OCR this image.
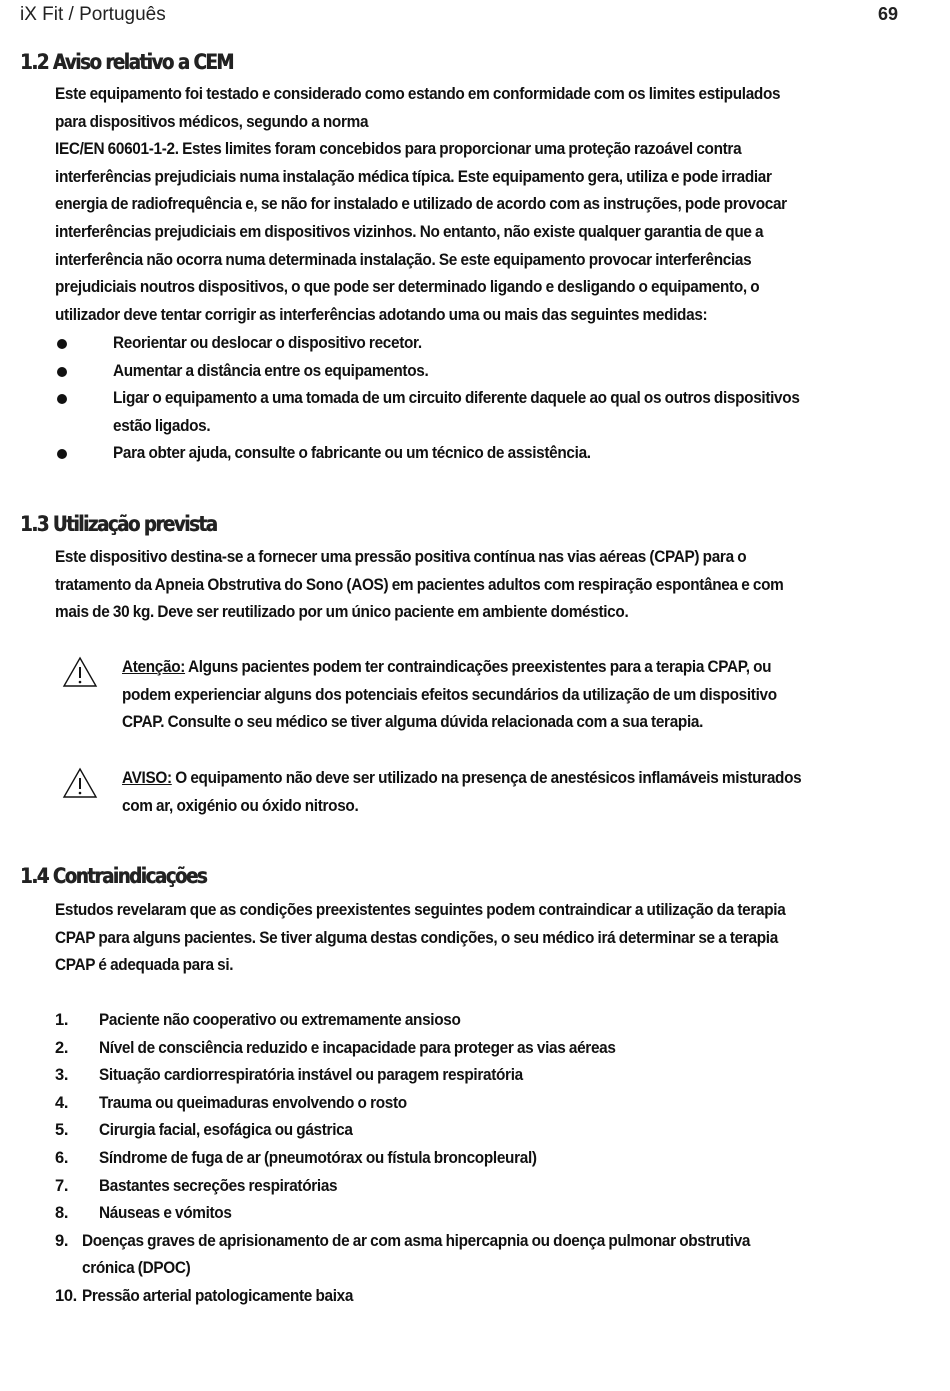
iX Fit / Português	69
1.2 Aviso relativo a CEM
Este equipamento foi testado e considerado como estando em conformidade com os limites estipulados
para dispositivos médicos, segundo a norma
IEC/EN 60601-1-2. Estes limites foram concebidos para proporcionar uma proteção razoável contra
interferências prejudiciais numa instalação médica típica. Este equipamento gera, utiliza e pode irradiar
energia de radiofrequência e, se não for instalado e utilizado de acordo com as instruções, pode provocar
interferências prejudiciais em dispositivos vizinhos. No entanto, não existe qualquer garantia de que a
interferência não ocorra numa determinada instalação. Se este equipamento provocar interferências
prejudiciais noutros dispositivos, o que pode ser determinado ligando e desligando o equipamento, o
utilizador deve tentar corrigir as interferências adotando uma ou mais das seguintes medidas:
Reorientar ou deslocar o dispositivo recetor.
Aumentar a distância entre os equipamentos.
Ligar o equipamento a uma tomada de um circuito diferente daquele ao qual os outros dispositivos
estão ligados.
Para obter ajuda, consulte o fabricante ou um técnico de assistência.
1.3 Utilização prevista
Este dispositivo destina-se a fornecer uma pressão positiva contínua nas vias aéreas (CPAP) para o
tratamento da Apneia Obstrutiva do Sono (AOS) em pacientes adultos com respiração espontânea e com
mais de 30 kg. Deve ser reutilizado por um único paciente em ambiente doméstico.
Atenção: Alguns pacientes podem ter contraindicações preexistentes para a terapia CPAP, ou
podem experienciar alguns dos potenciais efeitos secundários da utilização de um dispositivo
CPAP. Consulte o seu médico se tiver alguma dúvida relacionada com a sua terapia.
AVISO: O equipamento não deve ser utilizado na presença de anestésicos inflamáveis misturados
com ar, oxigénio ou óxido nitroso.
1.4 Contraindicações
Estudos revelaram que as condições preexistentes seguintes podem contraindicar a utilização da terapia
CPAP para alguns pacientes. Se tiver alguma destas condições, o seu médico irá determinar se a terapia
CPAP é adequada para si.
1. Paciente não cooperativo ou extremamente ansioso
2. Nível de consciência reduzido e incapacidade para proteger as vias aéreas
3. Situação cardiorrespiratória instável ou paragem respiratória
4. Trauma ou queimaduras envolvendo o rosto
5. Cirurgia facial, esofágica ou gástrica
6. Síndrome de fuga de ar (pneumotórax ou fístula broncopleural)
7. Bastantes secreções respiratórias
8. Náuseas e vómitos
9. Doenças graves de aprisionamento de ar com asma hipercapnia ou doença pulmonar obstrutiva
crónica (DPOC)
10. Pressão arterial patologicamente baixa
